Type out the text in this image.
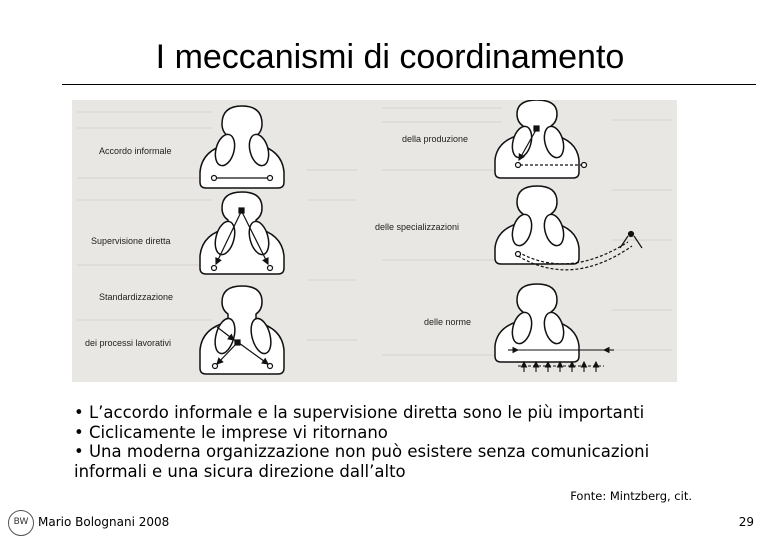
I meccanismi di coordinamento
Accordo informale
Supervisione diretta
Standardizzazione
dei processi lavorativi
della produzione
delle specializzazioni
delle norme

• L’accordo informale e la supervisione diretta sono le più importanti

• Ciclicamente le imprese vi ritornano

• Una moderna organizzazione non può esistere senza comunicazioni informali e una sicura direzione dall’alto

Fonte: Mintzberg, cit.
BW Mario Bolognani 2008	29
